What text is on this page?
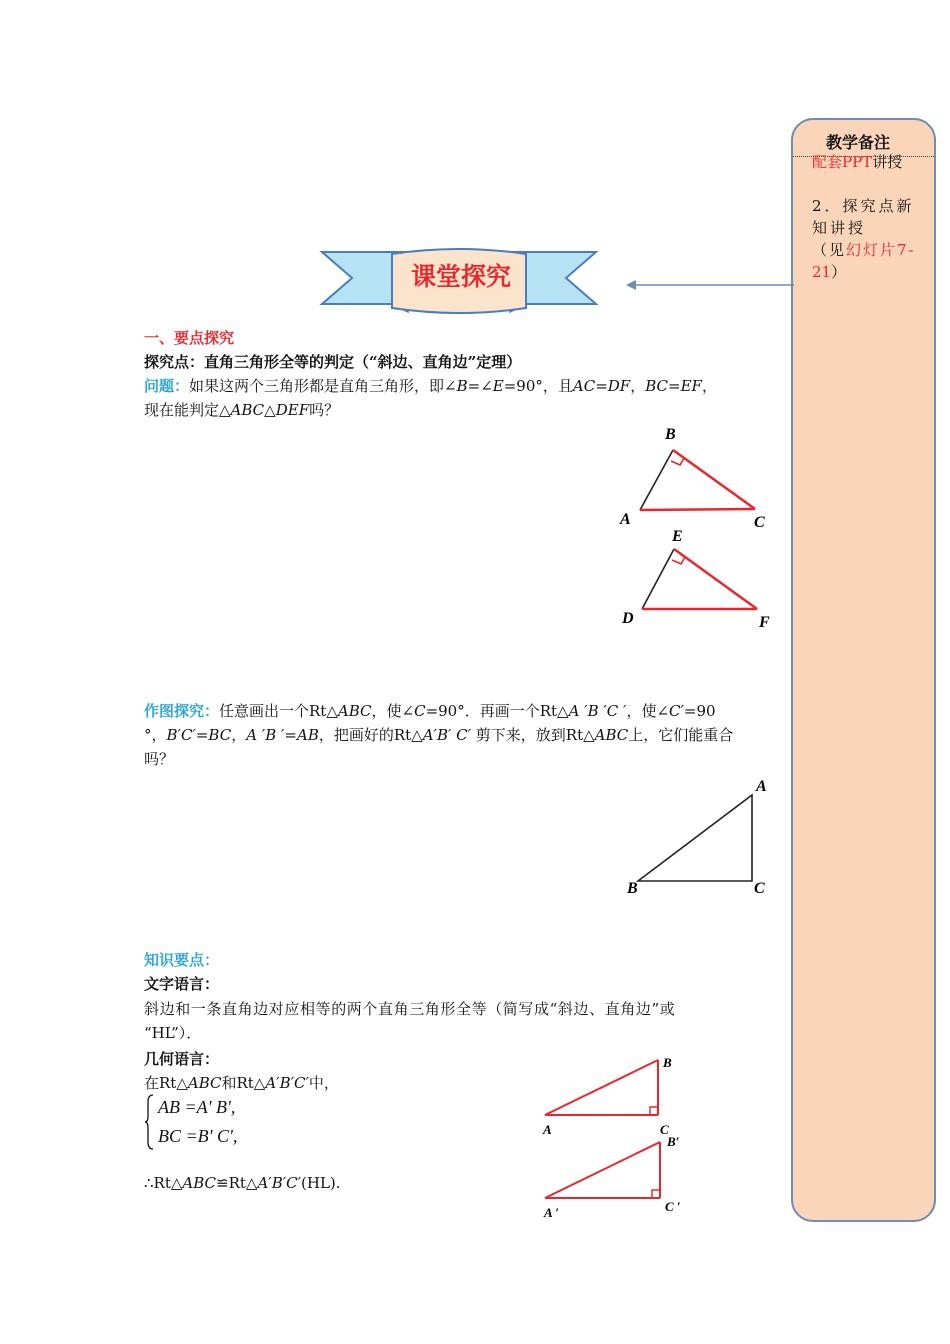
教学备注
配套PPT讲授
2．探究点新
知讲授
（见幻灯片7-
21）
课堂探究
一、要点探究
探究点：直角三角形全等的判定（“斜边、直角边”定理）
问题：如果这两个三角形都是直角三角形，即∠B=∠E=90°，且AC=DF，BC=EF，
现在能判定△ABC△DEF吗？
B
A	C
E
D	F
作图探究：任意画出一个Rt△ABC，使∠C=90°．再画一个Rt△A ′B ′C ′，使∠C′=90
°，B′C′=BC，A ′B ′=AB，把画好的Rt△A′B′ C′ 剪下来，放到Rt△ABC上，它们能重合
吗？
A
B	C
知识要点：
文字语言：
斜边和一条直角边对应相等的两个直角三角形全等（简写成“斜边、直角边”或
“HL”）．
几何语言：
在Rt△ABC和Rt△A′B′C′中，
AB =A' B',
BC =B' C',
∴Rt△ABC≌Rt△A′B′C′(HL).
B
A	C
B′
A ′	C ′
